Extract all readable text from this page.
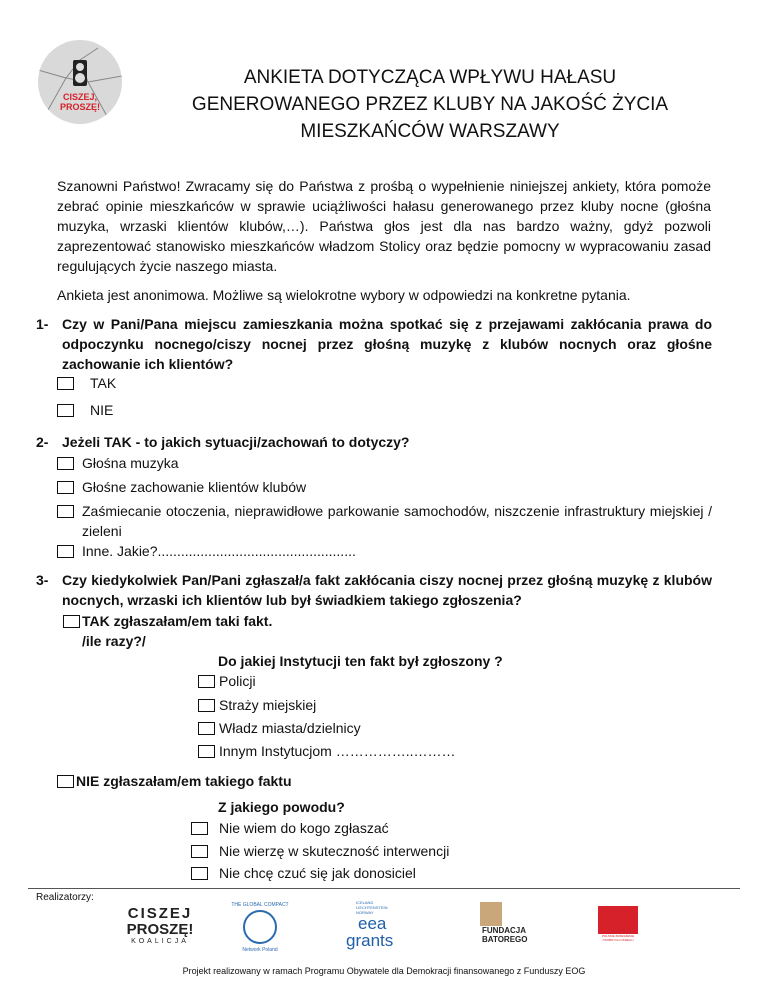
CISZEJ,
PROSZĘ!
ANKIETA DOTYCZĄCA WPŁYWU HAŁASU
GENEROWANEGO PRZEZ KLUBY NA JAKOŚĆ ŻYCIA
MIESZKAŃCÓW WARSZAWY
Szanowni Państwo! Zwracamy się do Państwa z prośbą o wypełnienie niniejszej ankiety, która pomoże zebrać opinie mieszkańców w sprawie uciążliwości hałasu generowanego przez kluby nocne (głośna muzyka, wrzaski klientów klubów,…). Państwa głos jest dla nas bardzo ważny, gdyż pozwoli zaprezentować stanowisko mieszkańców władzom Stolicy oraz będzie pomocny w wypracowaniu zasad regulujących życie naszego miasta.
Ankieta jest anonimowa. Możliwe są wielokrotne wybory w odpowiedzi na konkretne pytania.
1- Czy w Pani/Pana miejscu zamieszkania można spotkać się z przejawami zakłócania prawa do odpoczynku nocnego/ciszy nocnej przez głośną muzykę z klubów nocnych oraz głośne zachowanie ich klientów?
TAK
NIE
2- Jeżeli TAK - to jakich sytuacji/zachowań to dotyczy?
Głośna muzyka
Głośne zachowanie klientów klubów
Zaśmiecanie otoczenia, nieprawidłowe parkowanie samochodów, niszczenie infrastruktury miejskiej / zieleni
Inne. Jakie?...................................................
3- Czy kiedykolwiek Pan/Pani zgłaszał/a fakt zakłócania ciszy nocnej przez głośną muzykę z klubów nocnych, wrzaski ich klientów lub był świadkiem takiego zgłoszenia?
TAK zgłaszałam/em taki fakt.
/ile razy?/
Do jakiej Instytucji ten fakt był zgłoszony ?
Policji
Straży miejskiej
Władz miasta/dzielnicy
Innym Instytucjom ……………..………
NIE zgłaszałam/em takiego faktu
Z jakiego powodu?
Nie wiem do kogo zgłaszać
Nie wierzę w skuteczność interwencji
Nie chcę czuć się jak donosiciel
Realizatorzy:
CISZEJ
PROSZĘ!
KOALICJA
THE GLOBAL COMPACT
Network Poland
ICELAND
LIECHTENSTEIN
NORWAY
eea
grants
FUNDACJA
BATOREGO	POLSKIE ZRZESZENIE
OSOBNYCH OKREGU
Projekt realizowany w ramach Programu Obywatele dla Demokracji finansowanego z Funduszy EOG
